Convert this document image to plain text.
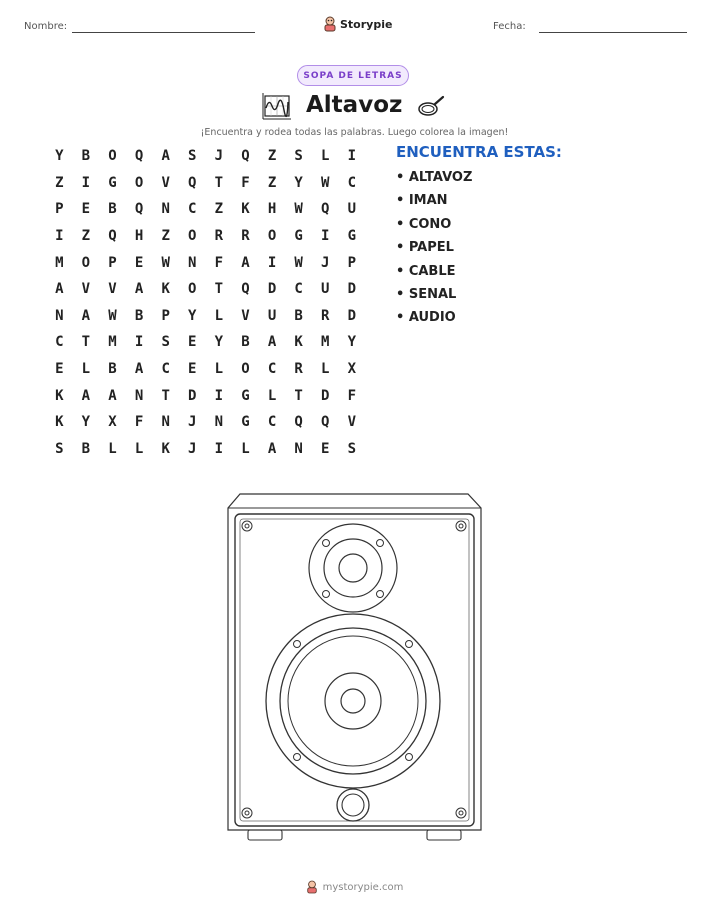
Nombre:	Storypie	Fecha:
SOPA DE LETRAS
Altavoz
¡Encuentra y rodea todas las palabras. Luego colorea la imagen!
Y	B	O	Q	A	S	J	Q	Z	S	L	I
Z	I	G	O	V	Q	T	F	Z	Y	W	C
P	E	B	Q	N	C	Z	K	H	W	Q	U
I	Z	Q	H	Z	O	R	R	O	G	I	G
M	O	P	E	W	N	F	A	I	W	J	P
A	V	V	A	K	O	T	Q	D	C	U	D
N	A	W	B	P	Y	L	V	U	B	R	D
C	T	M	I	S	E	Y	B	A	K	M	Y
E	L	B	A	C	E	L	O	C	R	L	X
K	A	A	N	T	D	I	G	L	T	D	F
K	Y	X	F	N	J	N	G	C	Q	Q	V
S	B	L	L	K	J	I	L	A	N	E	S
ENCUENTRA ESTAS:
• ALTAVOZ
• IMAN
• CONO
• PAPEL
• CABLE
• SENAL
• AUDIO
mystorypie.com
